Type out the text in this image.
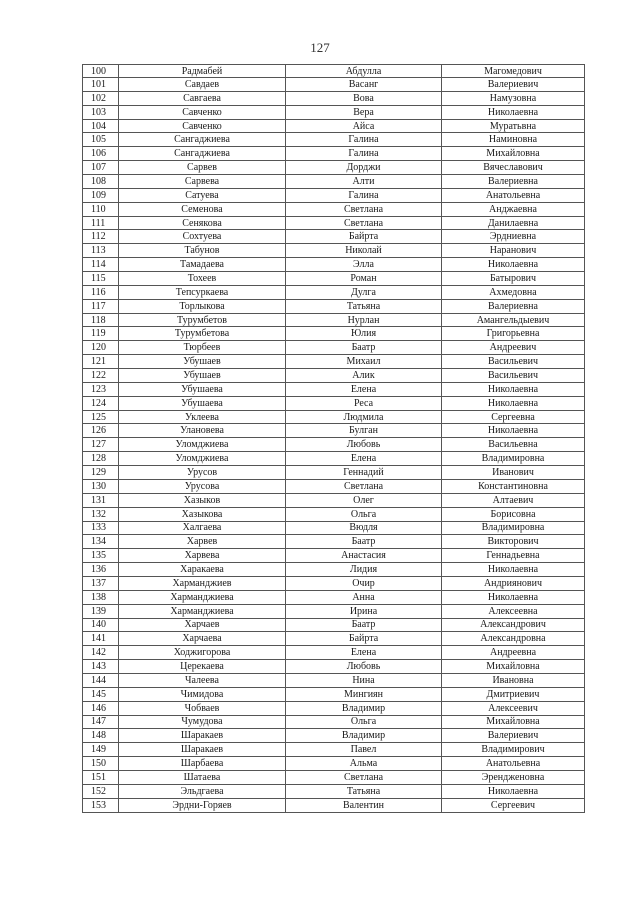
127
100	Радмабей	Абдулла	Магомедович
101	Савдаев	Васанг	Валериевич
102	Савгаева	Вова	Намузовна
103	Савченко	Вера	Николаевна
104	Савченко	Айса	Муратьвна
105	Сангаджиева	Галина	Наминовна
106	Сангаджиева	Галина	Михайловна
107	Сарвев	Дорджи	Вячеславович
108	Сарвева	Алти	Валериевна
109	Сатуева	Галина	Анатольевна
110	Семенова	Светлана	Анджаевна
111	Сенякова	Светлана	Данилаевна
112	Сохтуева	Байрта	Эрдниевна
113	Табунов	Николай	Наранович
114	Тамадаева	Элла	Николаевна
115	Тохеев	Роман	Батырович
116	Тепсуркаева	Дулга	Ахмедовна
117	Торлыкова	Татьяна	Валериевна
118	Турумбетов	Нурлан	Амангельдыевич
119	Турумбетова	Юлия	Григорьевна
120	Тюрбеев	Баатр	Андреевич
121	Убушаев	Михаил	Васильевич
122	Убушаев	Алик	Васильевич
123	Убушаева	Елена	Николаевна
124	Убушаева	Реса	Николаевна
125	Уклеева	Людмила	Сергеевна
126	Улановева	Булган	Николаевна
127	Уломджиева	Любовь	Васильевна
128	Уломджиева	Елена	Владимировна
129	Урусов	Геннадий	Иванович
130	Урусова	Светлана	Константиновна
131	Хазыков	Олег	Алтаевич
132	Хазыкова	Ольга	Борисовна
133	Халгаева	Вюдля	Владимировна
134	Харвев	Баатр	Викторович
135	Харвева	Анастасия	Геннадьевна
136	Харакаева	Лидия	Николаевна
137	Харманджиев	Очир	Андриянович
138	Харманджиева	Анна	Николаевна
139	Харманджиева	Ирина	Алексеевна
140	Харчаев	Баатр	Александрович
141	Харчаева	Байрта	Александровна
142	Ходжигорова	Елена	Андреевна
143	Церекаева	Любовь	Михайловна
144	Чалеева	Нина	Ивановна
145	Чимидова	Мингиян	Дмитриевич
146	Чобваев	Владимир	Алексеевич
147	Чумудова	Ольга	Михайловна
148	Шаракаев	Владимир	Валериевич
149	Шаракаев	Павел	Владимирович
150	Шарбаева	Альма	Анатольевна
151	Шатаева	Светлана	Эрендженовна
152	Эльдгаева	Татьяна	Николаевна
153	Эрдни-Горяев	Валентин	Сергеевич
